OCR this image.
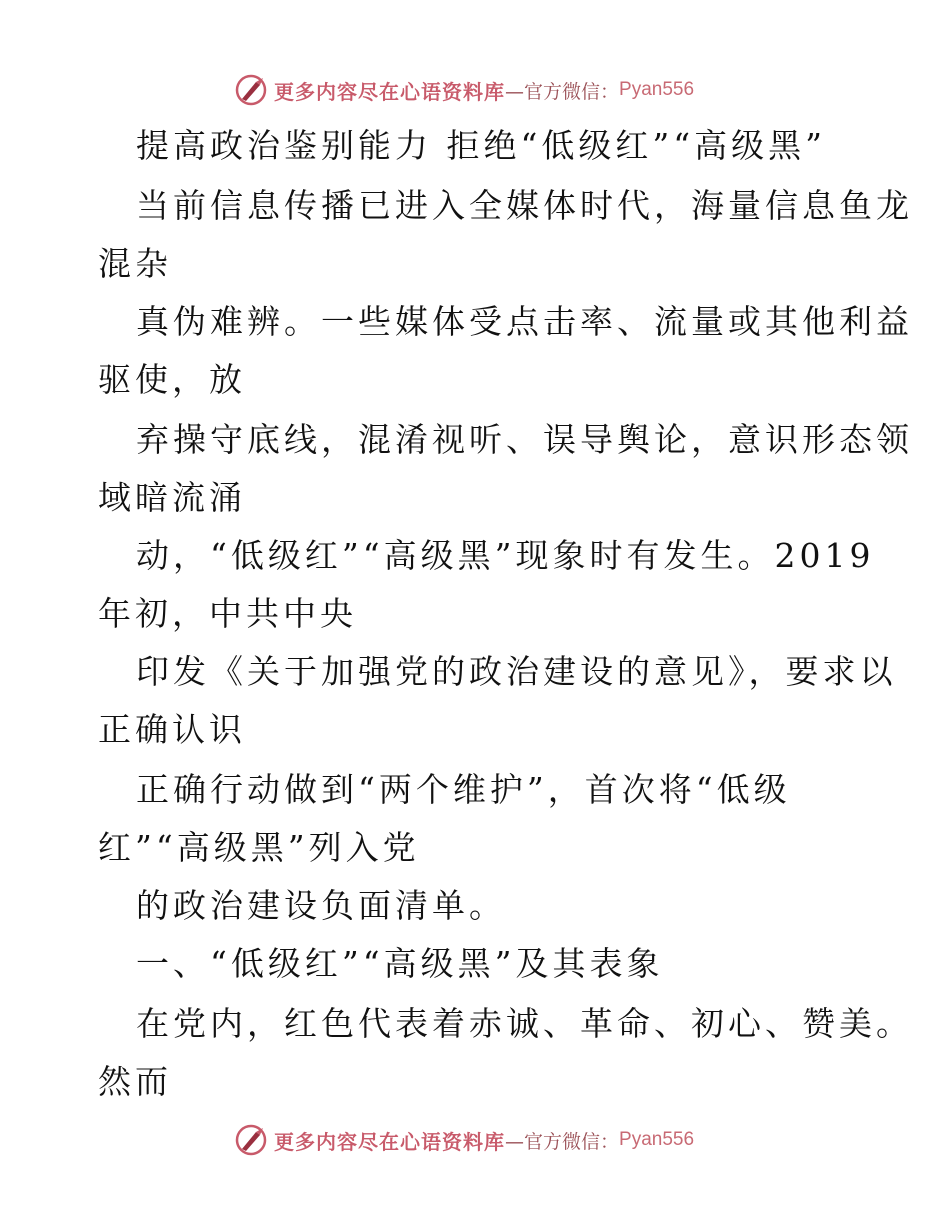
更多内容尽在心语资料库 —官方微信： Pyan556
提高政治鉴别能力 拒绝“低级红”“高级黑”
当前信息传播已进入全媒体时代，海量信息鱼龙
混杂
真伪难辨。一些媒体受点击率、流量或其他利益
驱使，放
弃操守底线，混淆视听、误导舆论，意识形态领
域暗流涌
动，“低级红”“高级黑”现象时有发生。2019
年初，中共中央
印发《关于加强党的政治建设的意见》，要求以
正确认识
正确行动做到“两个维护”，首次将“低级
红”“高级黑”列入党
的政治建设负面清单。
一、“低级红”“高级黑”及其表象
在党内，红色代表着赤诚、革命、初心、赞美。
然而
更多内容尽在心语资料库 —官方微信： Pyan556
